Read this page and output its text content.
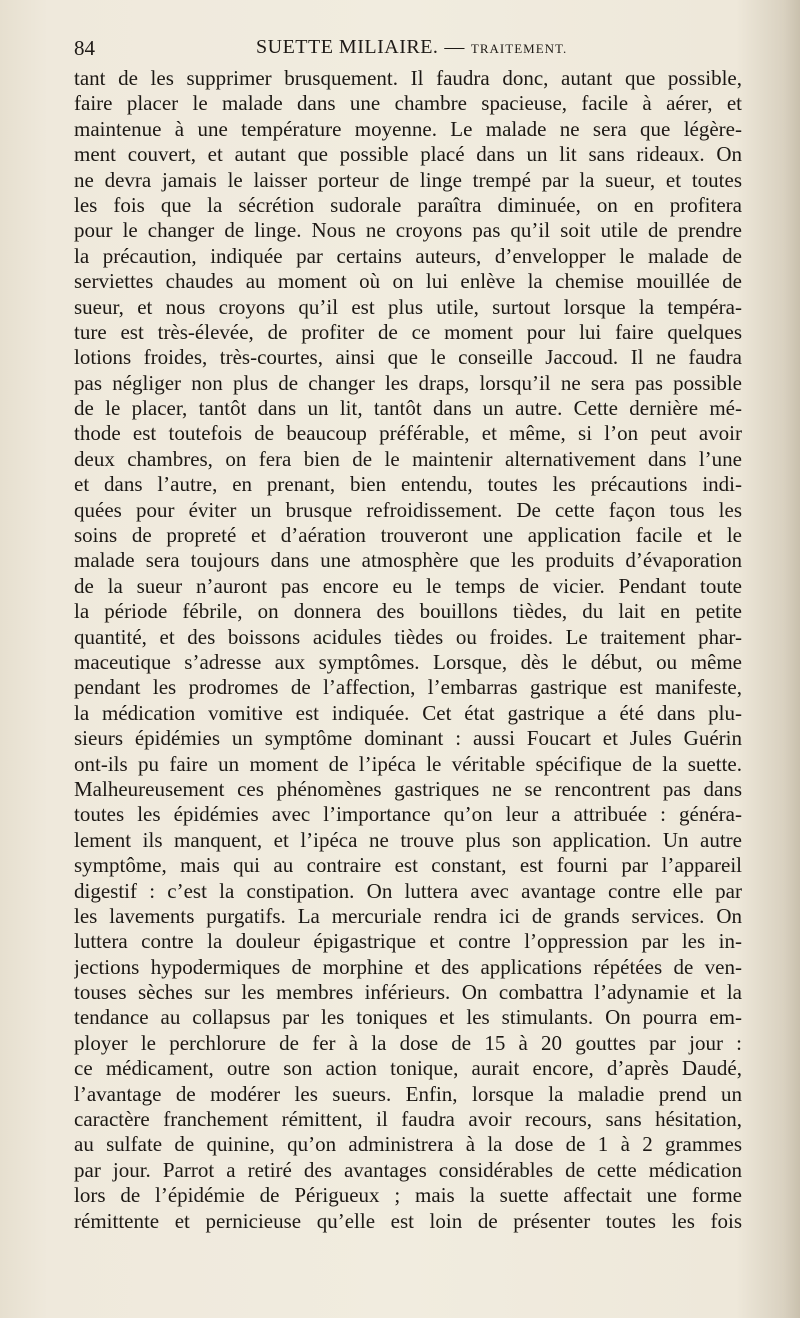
84	SUETTE MILIAIRE. — TRAITEMENT.
tant de les supprimer brusquement. Il faudra donc, autant que possible,
faire placer le malade dans une chambre spacieuse, facile à aérer, et
maintenue à une température moyenne. Le malade ne sera que légère-
ment couvert, et autant que possible placé dans un lit sans rideaux. On
ne devra jamais le laisser porteur de linge trempé par la sueur, et toutes
les fois que la sécrétion sudorale paraîtra diminuée, on en profitera
pour le changer de linge. Nous ne croyons pas qu’il soit utile de prendre
la précaution, indiquée par certains auteurs, d’envelopper le malade de
serviettes chaudes au moment où on lui enlève la chemise mouillée de
sueur, et nous croyons qu’il est plus utile, surtout lorsque la tempéra-
ture est très-élevée, de profiter de ce moment pour lui faire quelques
lotions froides, très-courtes, ainsi que le conseille Jaccoud. Il ne faudra
pas négliger non plus de changer les draps, lorsqu’il ne sera pas possible
de le placer, tantôt dans un lit, tantôt dans un autre. Cette dernière mé-
thode est toutefois de beaucoup préférable, et même, si l’on peut avoir
deux chambres, on fera bien de le maintenir alternativement dans l’une
et dans l’autre, en prenant, bien entendu, toutes les précautions indi-
quées pour éviter un brusque refroidissement. De cette façon tous les
soins de propreté et d’aération trouveront une application facile et le
malade sera toujours dans une atmosphère que les produits d’évaporation
de la sueur n’auront pas encore eu le temps de vicier. Pendant toute
la période fébrile, on donnera des bouillons tièdes, du lait en petite
quantité, et des boissons acidules tièdes ou froides. Le traitement phar-
maceutique s’adresse aux symptômes. Lorsque, dès le début, ou même
pendant les prodromes de l’affection, l’embarras gastrique est manifeste,
la médication vomitive est indiquée. Cet état gastrique a été dans plu-
sieurs épidémies un symptôme dominant : aussi Foucart et Jules Guérin
ont-ils pu faire un moment de l’ipéca le véritable spécifique de la suette.
Malheureusement ces phénomènes gastriques ne se rencontrent pas dans
toutes les épidémies avec l’importance qu’on leur a attribuée : généra-
lement ils manquent, et l’ipéca ne trouve plus son application. Un autre
symptôme, mais qui au contraire est constant, est fourni par l’appareil
digestif : c’est la constipation. On luttera avec avantage contre elle par
les lavements purgatifs. La mercuriale rendra ici de grands services. On
luttera contre la douleur épigastrique et contre l’oppression par les in-
jections hypodermiques de morphine et des applications répétées de ven-
touses sèches sur les membres inférieurs. On combattra l’adynamie et la
tendance au collapsus par les toniques et les stimulants. On pourra em-
ployer le perchlorure de fer à la dose de 15 à 20 gouttes par jour :
ce médicament, outre son action tonique, aurait encore, d’après Daudé,
l’avantage de modérer les sueurs. Enfin, lorsque la maladie prend un
caractère franchement rémittent, il faudra avoir recours, sans hésitation,
au sulfate de quinine, qu’on administrera à la dose de 1 à 2 grammes
par jour. Parrot a retiré des avantages considérables de cette médication
lors de l’épidémie de Périgueux ; mais la suette affectait une forme
rémittente et pernicieuse qu’elle est loin de présenter toutes les fois
